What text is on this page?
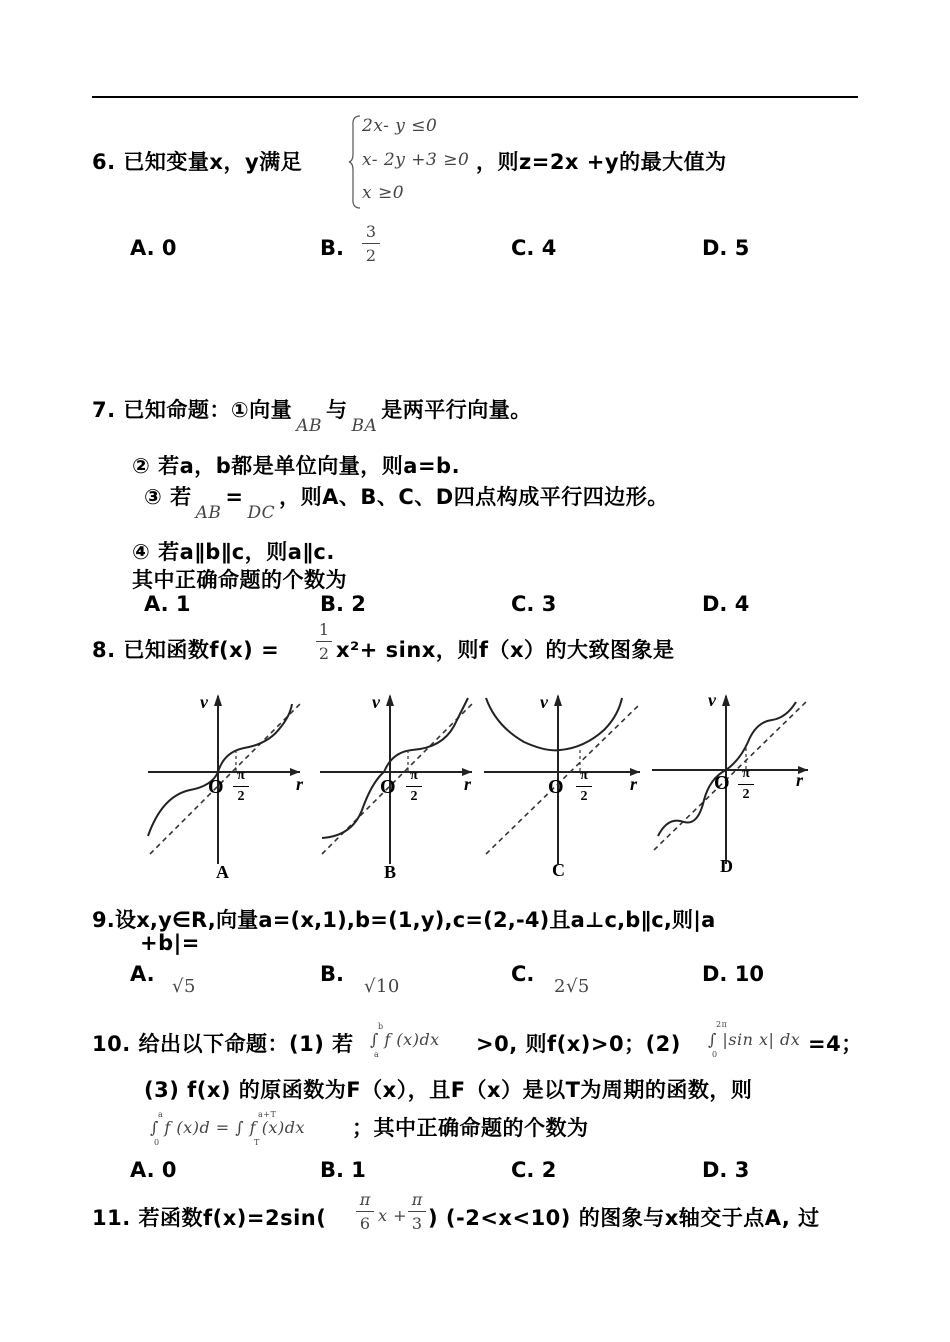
6. 已知变量x，y满足
2x- y ≤0
x- 2y +3 ≥0
x ≥0
，则z=2x +y的最大值为
A. 0	B.
3
2	C. 4	D. 5
7. 已知命题：①向量$_{AB}$与$_{BA}$是两平行向量。
② 若a，b都是单位向量，则a=b.
③ 若$_{AB}=_{DC}$，则A、B、C、D四点构成平行四边形。
④ 若a∥b∥c，则a∥c.
其中正确命题的个数为
A. 1	B. 2	C. 3	D. 4
8. 已知函数f(x) =
1
2 x²+ sinx，则f（x）的大致图象是
v
r
O
π
2
A
v
r
O
π
2
B
v
r
O
π
2
C
v
r
O π
2
D
9.设x,y∈R,向量a=(x,1),b=(1,y),c=(2,-4)且a⊥c,b∥c,则|a
+b|=
A.
√5
B.
√10
C.
2√5
D. 10
10. 给出以下命题：(1) 若 ∫ f (x)dx
b
a	>0, 则f(x)>0；(2) ∫ |sin x| dx
2π
0	=4；
(3) f(x) 的原函数为F（x），且F（x）是以T为周期的函数，则
∫ f (x)d = ∫ f (x)dx
a
0
a+T
T
；其中正确命题的个数为
A. 0	B. 1	C. 2	D. 3
11. 若函数f(x)=2sin(
π
6 x +
π
3 ) (-2<x<10) 的图象与x轴交于点A, 过
